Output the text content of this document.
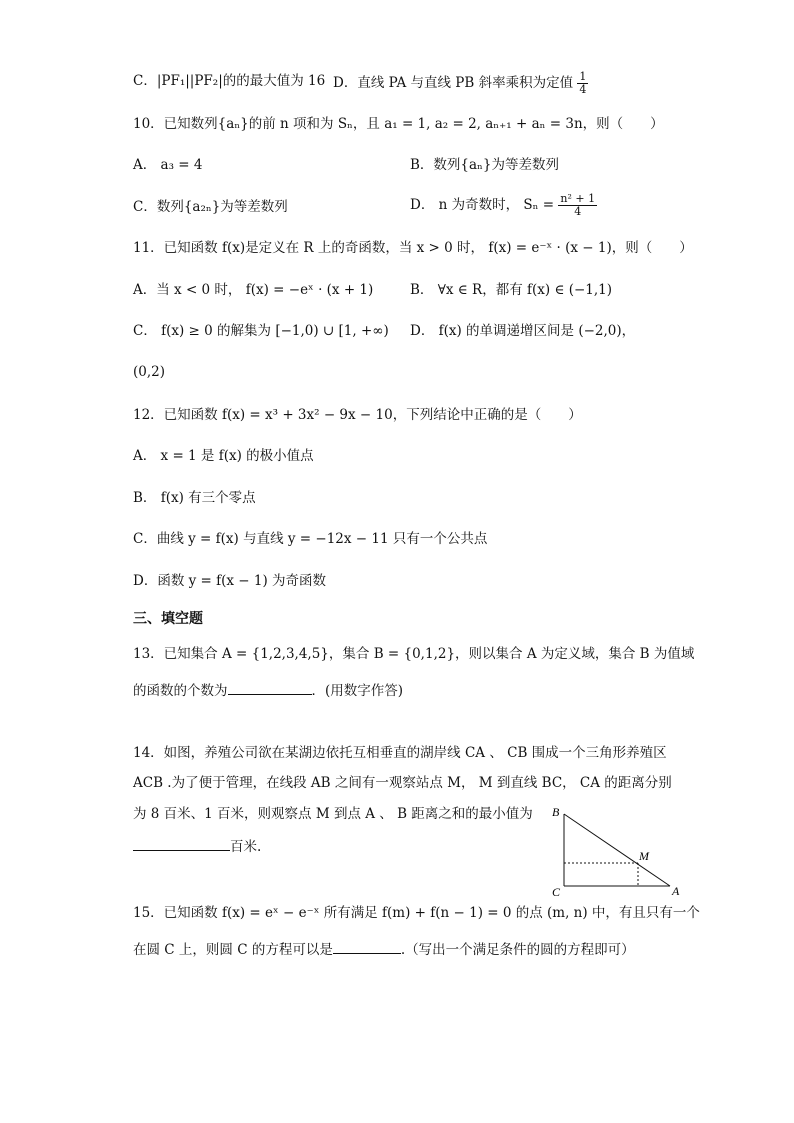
C．|PF₁||PF₂|的的最大值为 16 D．直线 PA 与直线 PB 斜率乘积为定值 $\frac{1}{4}$
10．已知数列{aₙ}的前 n 项和为 Sₙ，且 a₁ = 1, a₂ = 2, aₙ₊₁ + aₙ = 3n，则（　　）
A． a₃ = 4	B．数列{aₙ}为等差数列
C．数列{a₂ₙ}为等差数列	D． n 为奇数时， $S_n = \frac{\text{n² + 1}}{4}$
11．已知函数 f(x)是定义在 R 上的奇函数，当 x > 0 时， f(x) = e⁻ˣ · (x − 1)，则（　　）
A．当 x < 0 时， f(x) = −eˣ · (x + 1)	B． ∀x ∈ R，都有 f(x) ∈ (−1,1)
C． f(x) ≥ 0 的解集为 [−1,0) ∪ [1, +∞) D． f(x) 的单调递增区间是 (−2,0)，
(0,2)
12．已知函数 f(x) = x³ + 3x² − 9x − 10，下列结论中正确的是（　　）
A． x = 1 是 f(x) 的极小值点
B． f(x) 有三个零点
C．曲线 y = f(x) 与直线 y = −12x − 11 只有一个公共点
D．函数 y = f(x − 1) 为奇函数
三、填空题
13．已知集合 A = {1,2,3,4,5}，集合 B = {0,1,2}，则以集合 A 为定义域，集合 B 为值域
的函数的个数为	．(用数字作答)
14．如图，养殖公司欲在某湖边依托互相垂直的湖岸线 CA 、 CB 围成一个三角形养殖区
ACB .为了便于管理，在线段 AB 之间有一观察站点 M， M 到直线 BC， CA 的距离分别
为 8 百米、1 百米，则观察点 M 到点 A 、 B 距离之和的最小值为
百米.
B
C	A
M
15．已知函数 f(x) = eˣ − e⁻ˣ 所有满足 f(m) + f(n − 1) = 0 的点 (m, n) 中，有且只有一个
在圆 C 上，则圆 C 的方程可以是	.（写出一个满足条件的圆的方程即可）
